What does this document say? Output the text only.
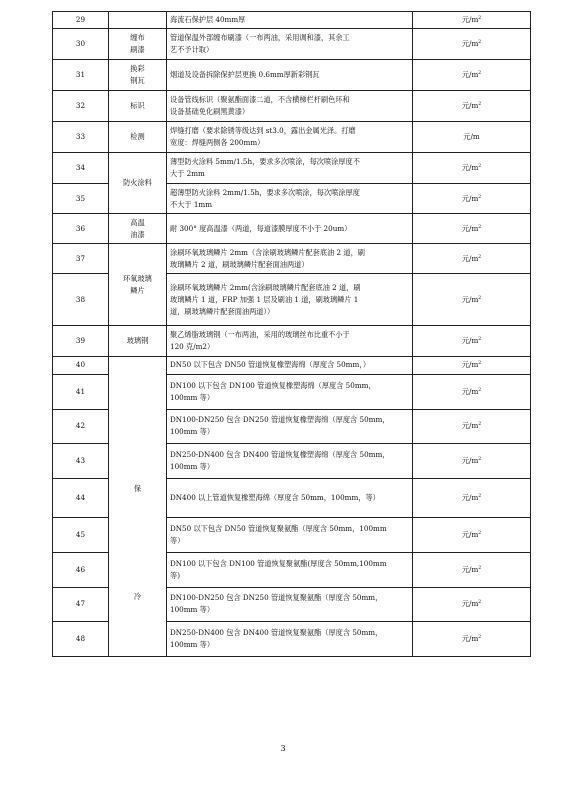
29		海流石保护层 40mm厚	元$/m^2$
30	缠布
刷漆	管道保温外部缠布刷漆（一布两油，采用调和漆，其余工
艺不予计取）	元$/m^2$
31	换彩
钢瓦	烟道及设备拆除保护层更换 0.6mm厚新彩钢瓦	元$/m^2$
32	标识	设备管线标识（聚氨酯面漆二道，不含横梯栏杆刷色环和
设备基础免化刷黑黄漆）	元$/m^2$
33	检测	焊缝打磨（要求除锈等级达到 st3.0，露出金属光泽。打磨
宽度：焊缝两侧各 200mm）	元/m
34	防火涂料	薄型防火涂料 5mm/1.5h，要求多次喷涂，每次喷涂厚度不
大于 2mm	元$/m^2$
35		超薄型防火涂料 2mm/1.5h，要求多次喷涂，每次喷涂厚度
不大于 1mm	元$/m^2$
36	高温
油漆	耐 300° 度高温漆（两道，每道漆膜厚度不小于 20um）	元$/m^2$
37	环氧玻璃
鳞片	涂刷环氧玻璃鳞片 2mm（含涂刷玻璃鳞片配套底油 2 道，刷
玻璃鳞片 2 道，刷玻璃鳞片配套面油两道）	元$/m^2$
38		涂刷环氧玻璃鳞片 2mm(含涂刷玻璃鳞片配套底油 2 道，刷
玻璃鳞片 1 道，FRP 加强 1 层及刷油 1 道，刷玻璃鳞片 1
道，刷玻璃鳞片配套面油两道））	元$/m^2$
39	玻璃钢	聚乙烯脂玻璃钢（一布两油，采用的玻璃丝布比重不小于
120 克/m2）	元$/m^2$
40	保
冷	DN50 以下包含 DN50 管道恢复橡塑海绵（厚度含 50mm，）	元$/m^2$
41		DN100 以下包含 DN100 管道恢复橡塑海绵（厚度含 50mm，
100mm 等）	元$/m^2$
42		DN100-DN250 包含 DN250 管道恢复橡塑海绵（厚度含 50mm，
100mm 等）	元$/m^2$
43		DN250-DN400 包含 DN400 管道恢复橡塑海绵（厚度含 50mm，
100mm 等）	元$/m^2$
44		DN400 以上管道恢复橡塑海绵（厚度含 50mm，100mm，等）	元$/m^2$
45		DN50 以下包含 DN50 管道恢复聚氨酯（厚度含 50mm，100mm
等）	元$/m^2$
46		DN100 以下包含 DN100 管道恢复聚氨酯(厚度含 50mm,100mm
等)	元$/m^2$
47		DN100-DN250 包含 DN250 管道恢复聚氨酯（厚度含 50mm，
100mm 等）	元$/m^2$
48		DN250-DN400 包含 DN400 管道恢复聚氨酯（厚度含 50mm，
100mm 等）	元$/m^2$
3
